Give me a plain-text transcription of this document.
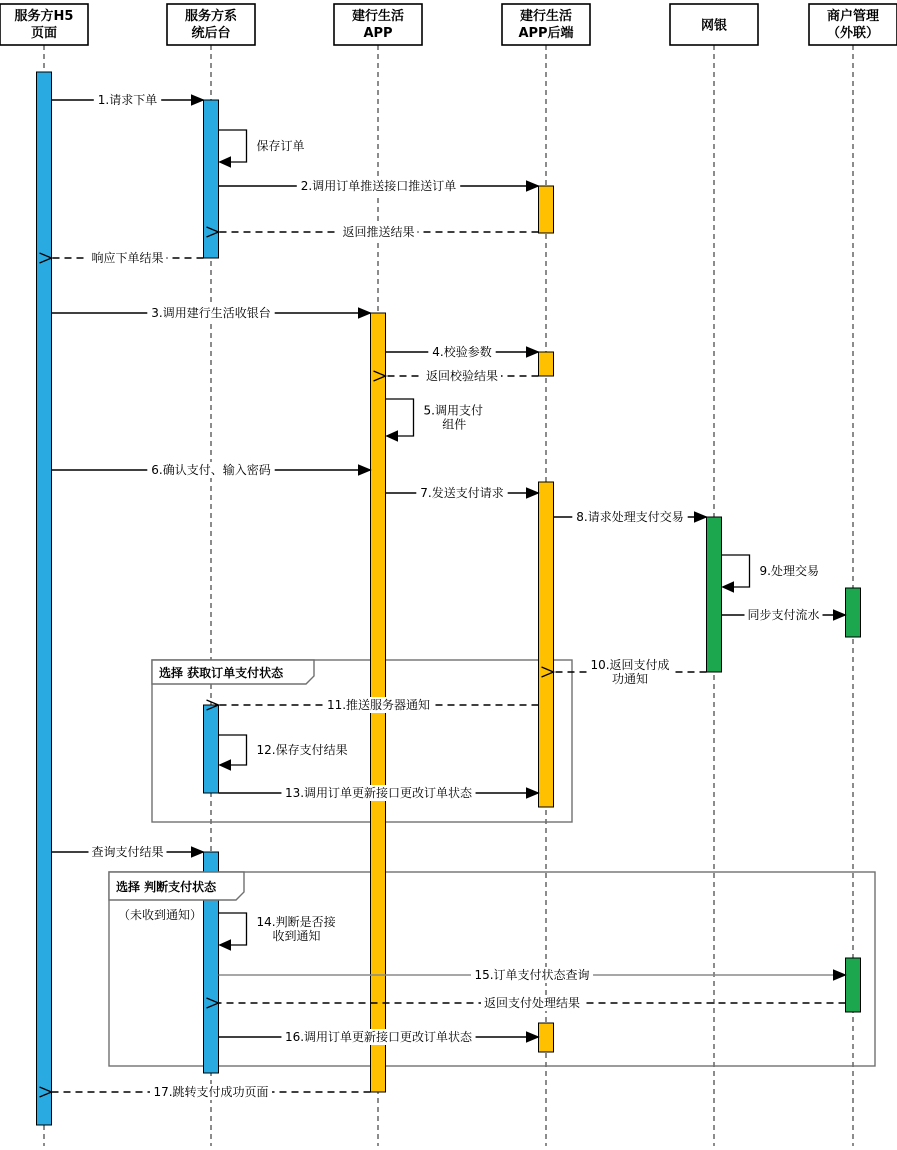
1.请求下单
2.调用订单推送接口推送订单
返回推送结果
响应下单结果
3.调用建行生活收银台
4.校验参数
返回校验结果
6.确认支付、输入密码
7.发送支付请求
8.请求处理支付交易
同步支付流水
10.返回支付成
功通知
11.推送服务器通知
13.调用订单更新接口更改订单状态
查询支付结果
15.订单支付状态查询
返回支付处理结果
16.调用订单更新接口更改订单状态
17.跳转支付成功页面
保存订单
5.调用支付
组件
9.处理交易
12.保存支付结果
14.判断是否接
收到通知
选择 获取订单支付状态
选择 判断支付状态
（未收到通知）
服务方H5
页面
服务方系
统后台
建行生活
APP
建行生活
APP后端	网银
商户管理
（外联）
